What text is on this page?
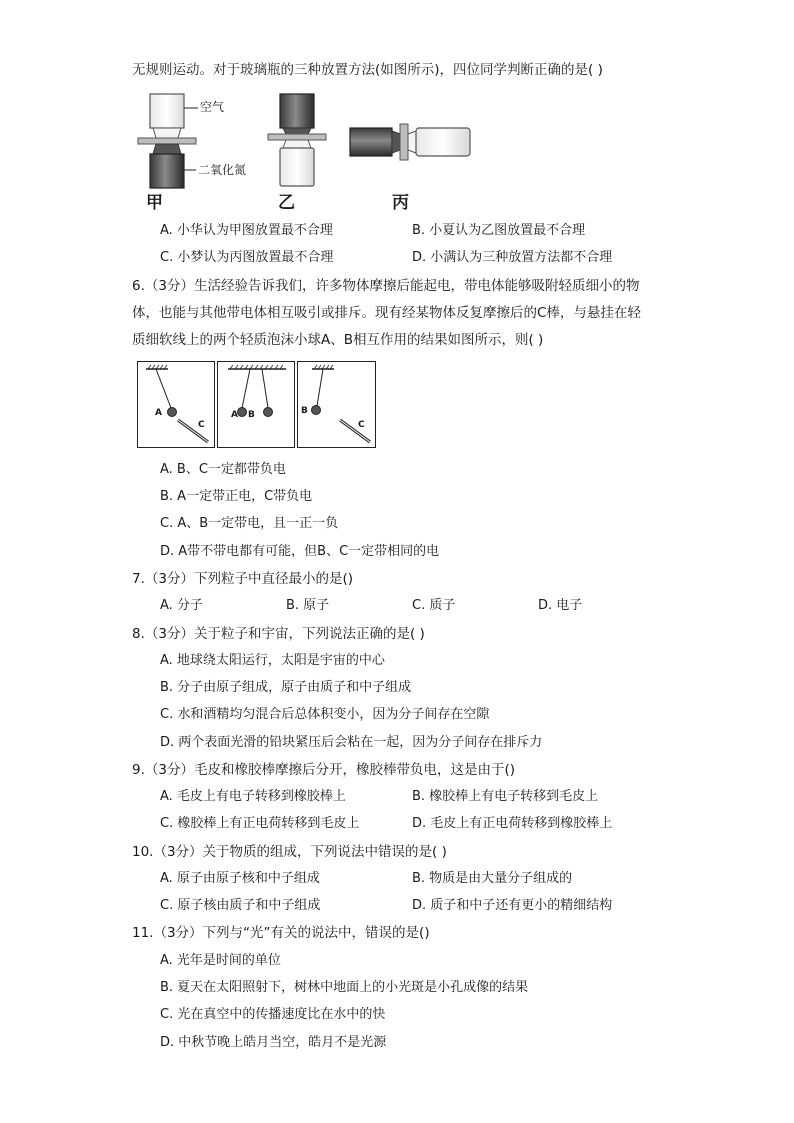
无规则运动。对于玻璃瓶的三种放置方法(如图所示)，四位同学判断正确的是( )
空气
二氧化氮
甲	乙	丙
A. 小华认为甲图放置最不合理	B. 小夏认为乙图放置最不合理
C. 小梦认为丙图放置最不合理	D. 小满认为三种放置方法都不合理
6.（3分）生活经验告诉我们，许多物体摩擦后能起电，带电体能够吸附轻质细小的物
体，也能与其他带电体相互吸引或排斥。现有经某物体反复摩擦后的C棒，与悬挂在轻
质细软线上的两个轻质泡沫小球A、B相互作用的结果如图所示，则( )
A
C
A B	B
C
A. B、C一定都带负电
B. A一定带正电，C带负电
C. A、B一定带电，且一正一负
D. A带不带电都有可能，但B、C一定带相同的电
7.（3分）下列粒子中直径最小的是()
A. 分子	B. 原子	C. 质子	D. 电子
8.（3分）关于粒子和宇宙，下列说法正确的是( )
A. 地球绕太阳运行，太阳是宇宙的中心
B. 分子由原子组成，原子由质子和中子组成
C. 水和酒精均匀混合后总体积变小，因为分子间存在空隙
D. 两个表面光滑的铅块紧压后会粘在一起，因为分子间存在排斥力
9.（3分）毛皮和橡胶棒摩擦后分开，橡胶棒带负电，这是由于()
A. 毛皮上有电子转移到橡胶棒上	B. 橡胶棒上有电子转移到毛皮上
C. 橡胶棒上有正电荷转移到毛皮上	D. 毛皮上有正电荷转移到橡胶棒上
10.（3分）关于物质的组成，下列说法中错误的是( )
A. 原子由原子核和中子组成	B. 物质是由大量分子组成的
C. 原子核由质子和中子组成	D. 质子和中子还有更小的精细结构
11.（3分）下列与“光”有关的说法中，错误的是()
A. 光年是时间的单位
B. 夏天在太阳照射下，树林中地面上的小光斑是小孔成像的结果
C. 光在真空中的传播速度比在水中的快
D. 中秋节晚上皓月当空，皓月不是光源
